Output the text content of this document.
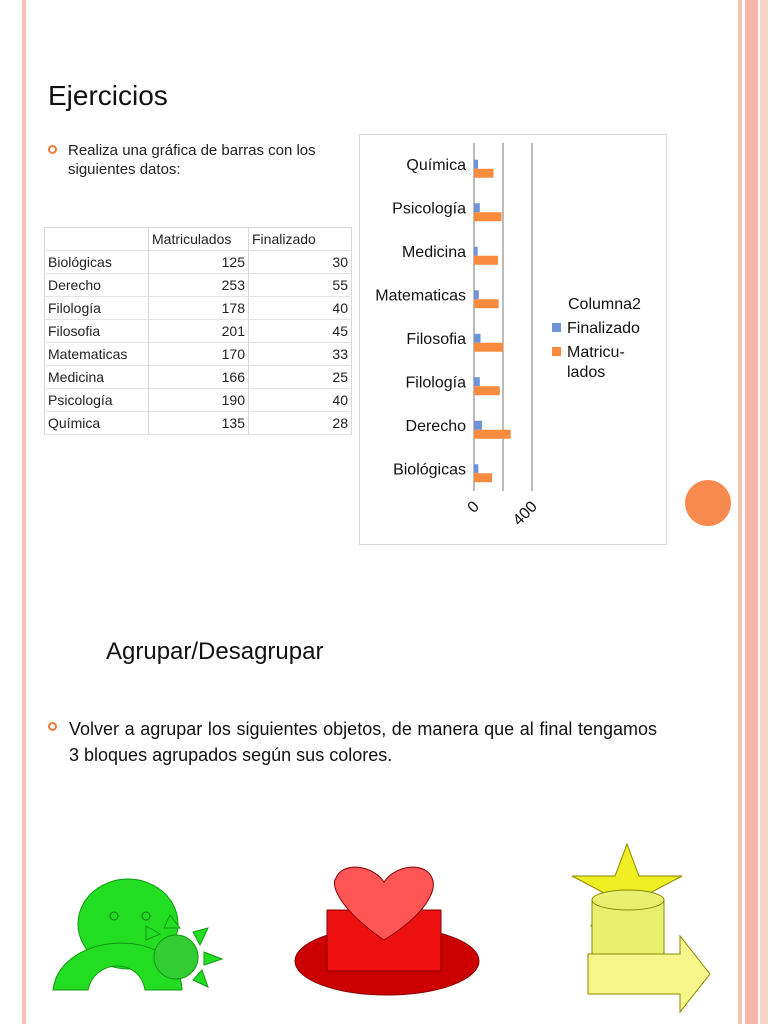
Ejercicios
Realiza una gráfica de barras con los siguientes datos:
	Matriculados	Finalizado
Biológicas	125	30
Derecho	253	55
Filología	178	40
Filosofia	201	45
Matematicas	170	33
Medicina	166	25
Psicología	190	40
Química	135	28
Química
Psicología
Medicina
Matematicas
Filosofia
Filología
Derecho
Biológicas
0 400
Columna2
Finalizado
Matricu-
lados
Agrupar/Desagrupar
Volver a agrupar los siguientes objetos, de manera que al final tengamos 3 bloques agrupados según sus colores.
